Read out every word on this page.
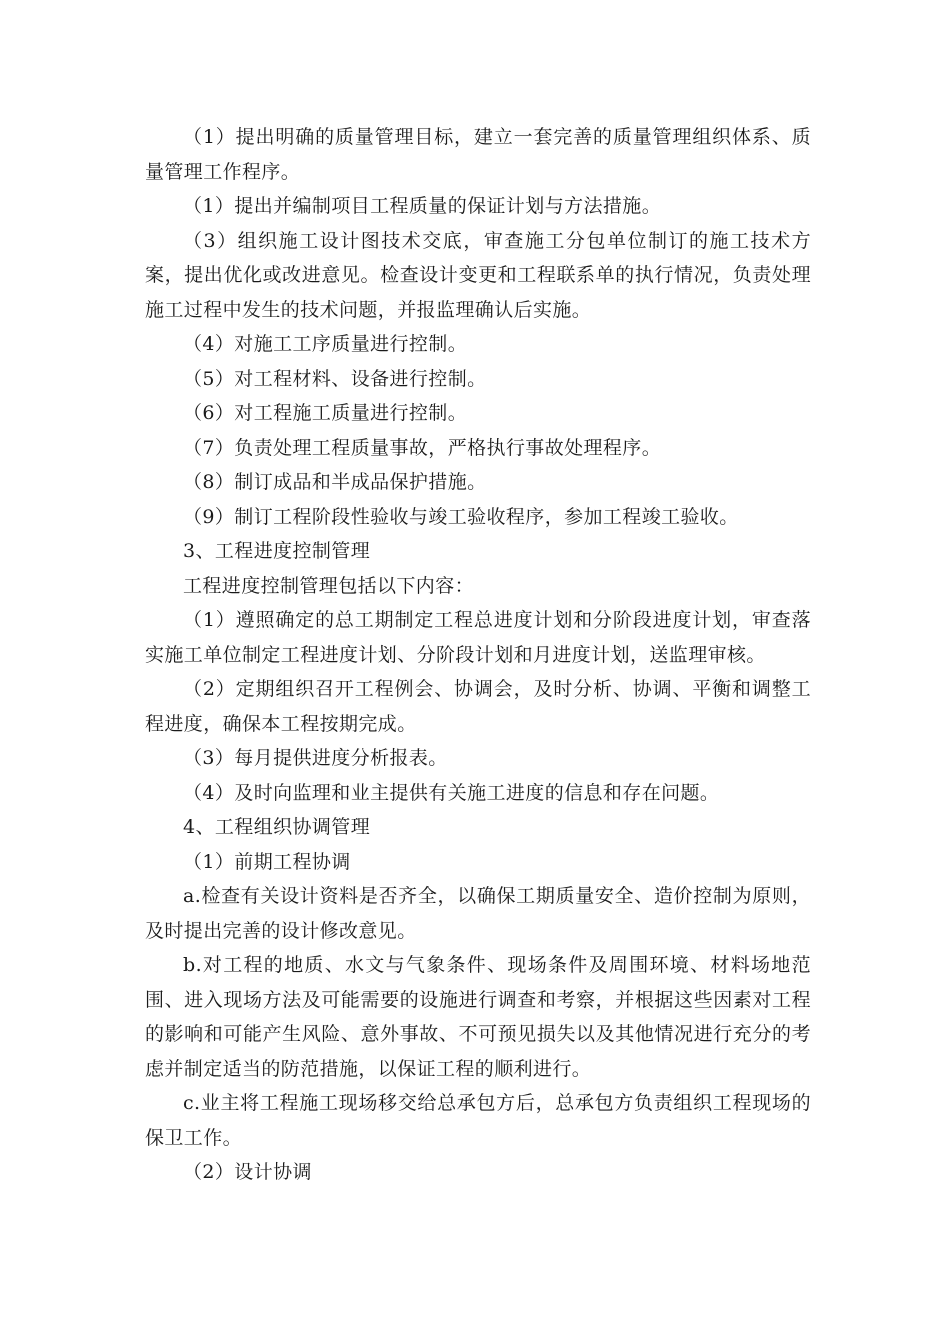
（1）提出明确的质量管理目标，建立一套完善的质量管理组织体系、质量管理工作程序。

（1）提出并编制项目工程质量的保证计划与方法措施。

（3）组织施工设计图技术交底，审查施工分包单位制订的施工技术方案，提出优化或改进意见。检查设计变更和工程联系单的执行情况，负责处理施工过程中发生的技术问题，并报监理确认后实施。

（4）对施工工序质量进行控制。

（5）对工程材料、设备进行控制。

（6）对工程施工质量进行控制。

（7）负责处理工程质量事故，严格执行事故处理程序。

（8）制订成品和半成品保护措施。

（9）制订工程阶段性验收与竣工验收程序，参加工程竣工验收。

3、工程进度控制管理

工程进度控制管理包括以下内容：

（1）遵照确定的总工期制定工程总进度计划和分阶段进度计划，审查落实施工单位制定工程进度计划、分阶段计划和月进度计划，送监理审核。

（2）定期组织召开工程例会、协调会，及时分析、协调、平衡和调整工程进度，确保本工程按期完成。

（3）每月提供进度分析报表。

（4）及时向监理和业主提供有关施工进度的信息和存在问题。

4、工程组织协调管理

（1）前期工程协调

a.检查有关设计资料是否齐全，以确保工期质量安全、造价控制为原则，及时提出完善的设计修改意见。

b.对工程的地质、水文与气象条件、现场条件及周围环境、材料场地范围、进入现场方法及可能需要的设施进行调查和考察，并根据这些因素对工程的影响和可能产生风险、意外事故、不可预见损失以及其他情况进行充分的考虑并制定适当的防范措施，以保证工程的顺利进行。

c.业主将工程施工现场移交给总承包方后，总承包方负责组织工程现场的保卫工作。

（2）设计协调
